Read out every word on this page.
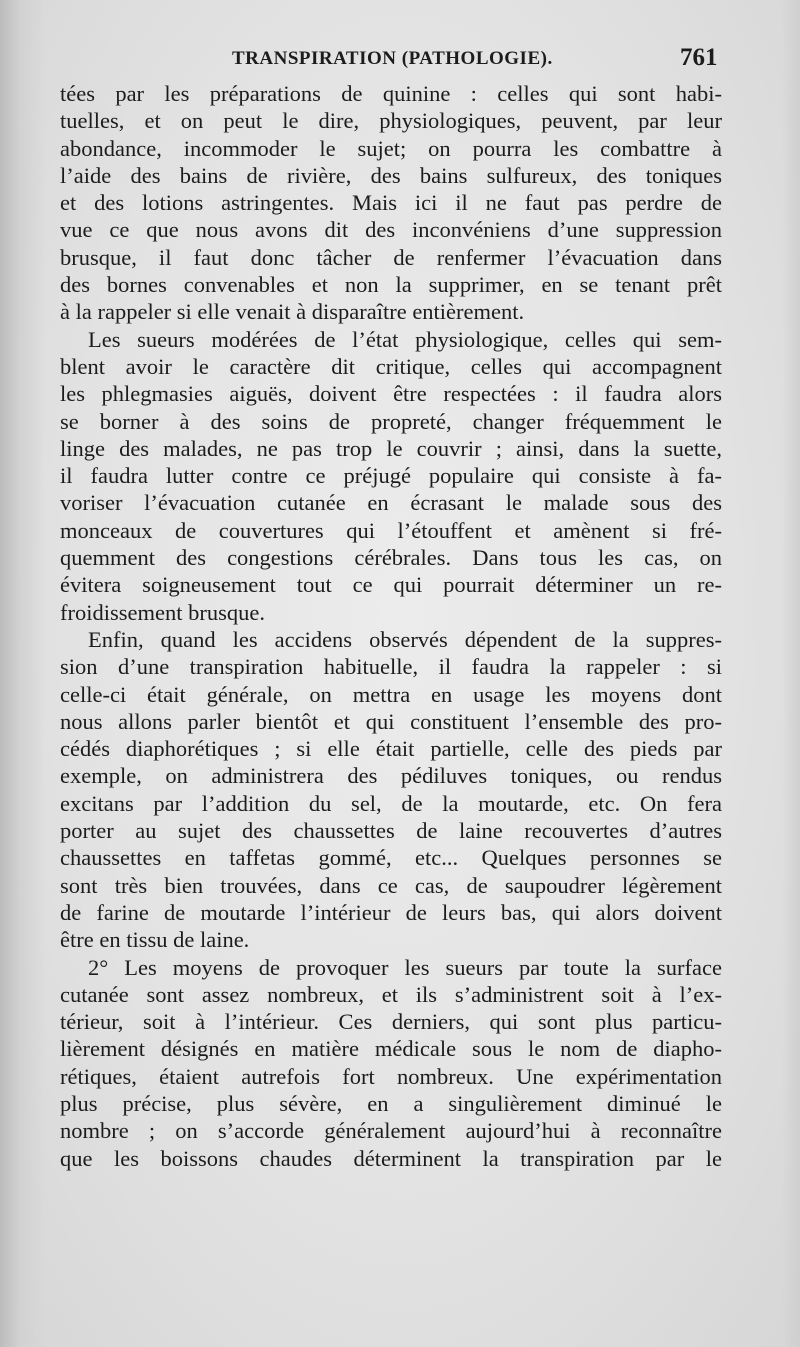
TRANSPIRATION (PATHOLOGIE).	761
tées par les préparations de quinine : celles qui sont habi-
tuelles, et on peut le dire, physiologiques, peuvent, par leur
abondance, incommoder le sujet; on pourra les combattre à
l’aide des bains de rivière, des bains sulfureux, des toniques
et des lotions astringentes. Mais ici il ne faut pas perdre de
vue ce que nous avons dit des inconvéniens d’une suppression
brusque, il faut donc tâcher de renfermer l’évacuation dans
des bornes convenables et non la supprimer, en se tenant prêt
à la rappeler si elle venait à disparaître entièrement.
Les sueurs modérées de l’état physiologique, celles qui sem-
blent avoir le caractère dit critique, celles qui accompagnent
les phlegmasies aiguës, doivent être respectées : il faudra alors
se borner à des soins de propreté, changer fréquemment le
linge des malades, ne pas trop le couvrir ; ainsi, dans la suette,
il faudra lutter contre ce préjugé populaire qui consiste à fa-
voriser l’évacuation cutanée en écrasant le malade sous des
monceaux de couvertures qui l’étouffent et amènent si fré-
quemment des congestions cérébrales. Dans tous les cas, on
évitera soigneusement tout ce qui pourrait déterminer un re-
froidissement brusque.
Enfin, quand les accidens observés dépendent de la suppres-
sion d’une transpiration habituelle, il faudra la rappeler : si
celle-ci était générale, on mettra en usage les moyens dont
nous allons parler bientôt et qui constituent l’ensemble des pro-
cédés diaphorétiques ; si elle était partielle, celle des pieds par
exemple, on administrera des pédiluves toniques, ou rendus
excitans par l’addition du sel, de la moutarde, etc. On fera
porter au sujet des chaussettes de laine recouvertes d’autres
chaussettes en taffetas gommé, etc... Quelques personnes se
sont très bien trouvées, dans ce cas, de saupoudrer légèrement
de farine de moutarde l’intérieur de leurs bas, qui alors doivent
être en tissu de laine.
2° Les moyens de provoquer les sueurs par toute la surface
cutanée sont assez nombreux, et ils s’administrent soit à l’ex-
térieur, soit à l’intérieur. Ces derniers, qui sont plus particu-
lièrement désignés en matière médicale sous le nom de diapho-
rétiques, étaient autrefois fort nombreux. Une expérimentation
plus précise, plus sévère, en a singulièrement diminué le
nombre ; on s’accorde généralement aujourd’hui à reconnaître
que les boissons chaudes déterminent la transpiration par le
